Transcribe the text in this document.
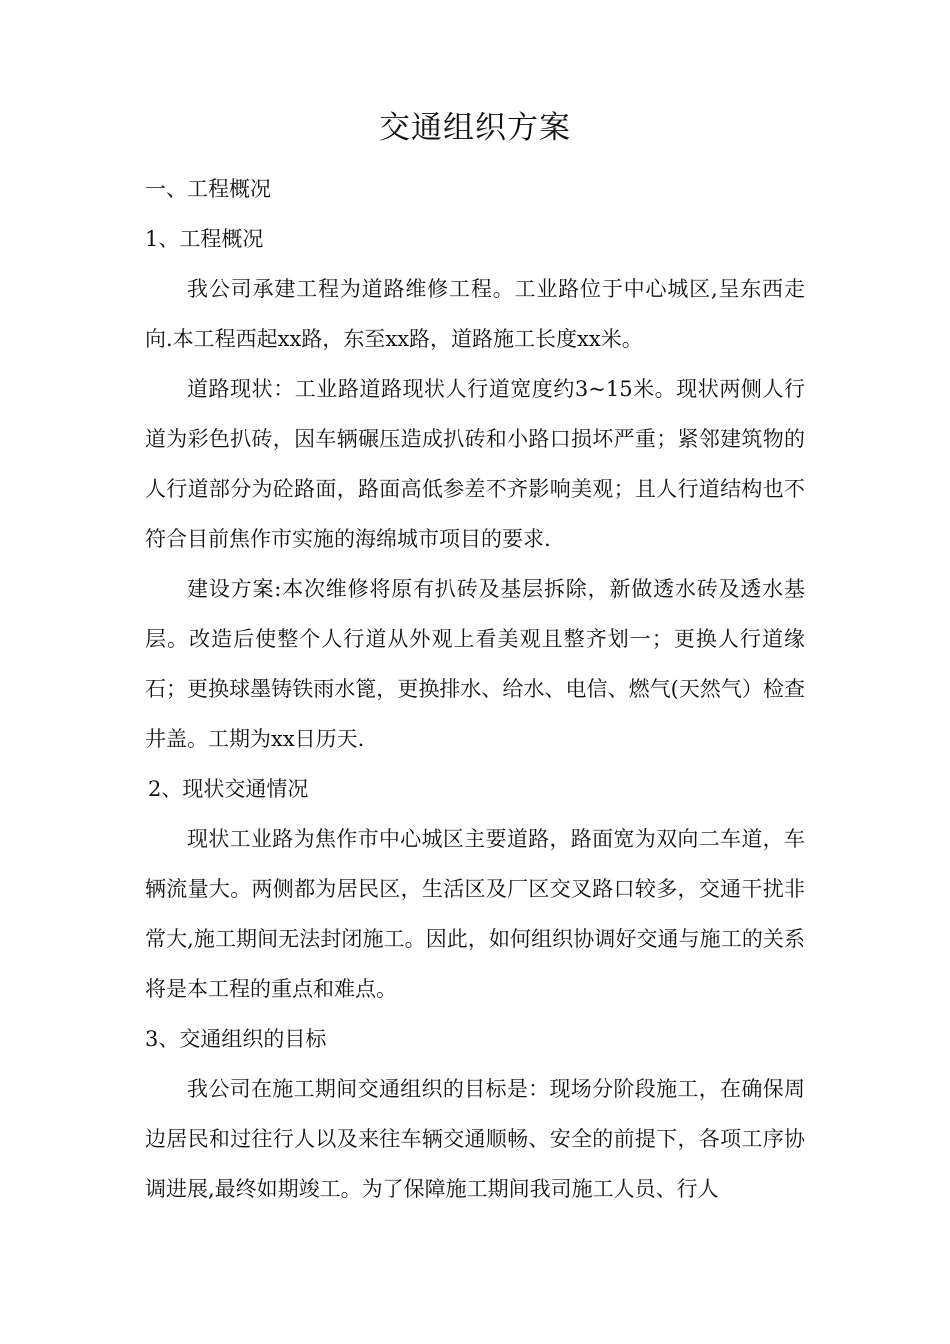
交通组织方案

一、工程概况

1、工程概况

我公司承建工程为道路维修工程。工业路位于中心城区,呈东西走向.本工程西起xx路，东至xx路，道路施工长度xx米。

道路现状：工业路道路现状人行道宽度约3~15米。现状两侧人行道为彩色扒砖，因车辆碾压造成扒砖和小路口损坏严重；紧邻建筑物的人行道部分为砼路面，路面高低参差不齐影响美观；且人行道结构也不符合目前焦作市实施的海绵城市项目的要求.

建设方案:本次维修将原有扒砖及基层拆除，新做透水砖及透水基层。改造后使整个人行道从外观上看美观且整齐划一；更换人行道缘石；更换球墨铸铁雨水篦，更换排水、给水、电信、燃气(天然气）检查井盖。工期为xx日历天.

2、现状交通情况

现状工业路为焦作市中心城区主要道路，路面宽为双向二车道，车辆流量大。两侧都为居民区，生活区及厂区交叉路口较多，交通干扰非常大,施工期间无法封闭施工。因此，如何组织协调好交通与施工的关系将是本工程的重点和难点。

3、交通组织的目标

我公司在施工期间交通组织的目标是：现场分阶段施工，在确保周边居民和过往行人以及来往车辆交通顺畅、安全的前提下，各项工序协调进展,最终如期竣工。为了保障施工期间我司施工人员、行人
